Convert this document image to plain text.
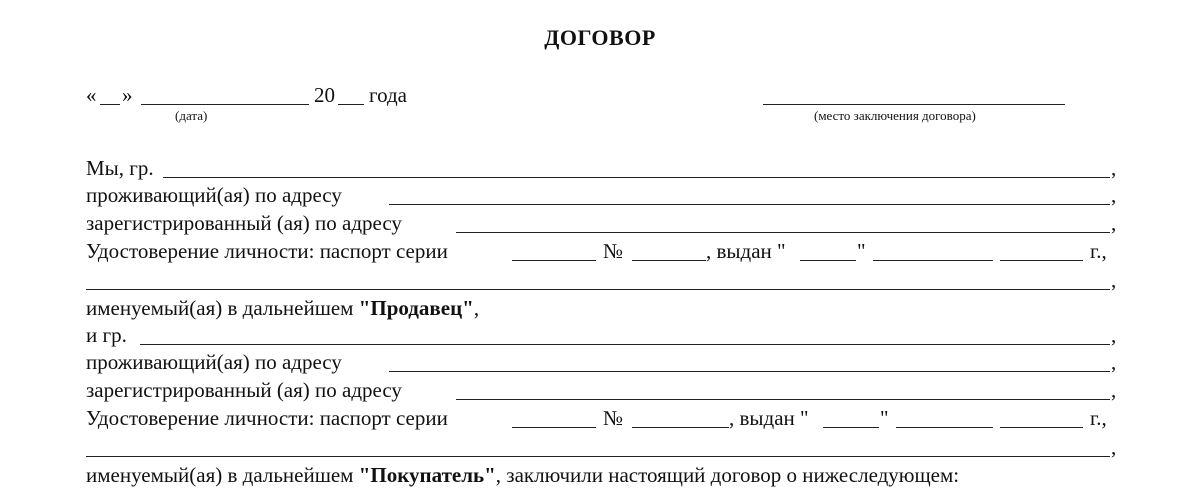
ДОГОВОР
« »	20 года
(дата)	(место заключения договора)
Мы, гр.	,
проживающий(ая) по адресу	,
зарегистрированный (ая) по адресу	,
Удостоверение личности: паспорт серии	№	, выдан "	"	г.,
,
именуемый(ая) в дальнейшем "Продавец",
и гр.	,
проживающий(ая) по адресу	,
зарегистрированный (ая) по адресу	,
Удостоверение личности: паспорт серии	№	, выдан "	"	г.,
,
именуемый(ая) в дальнейшем "Покупатель", заключили настоящий договор о нижеследующем:
